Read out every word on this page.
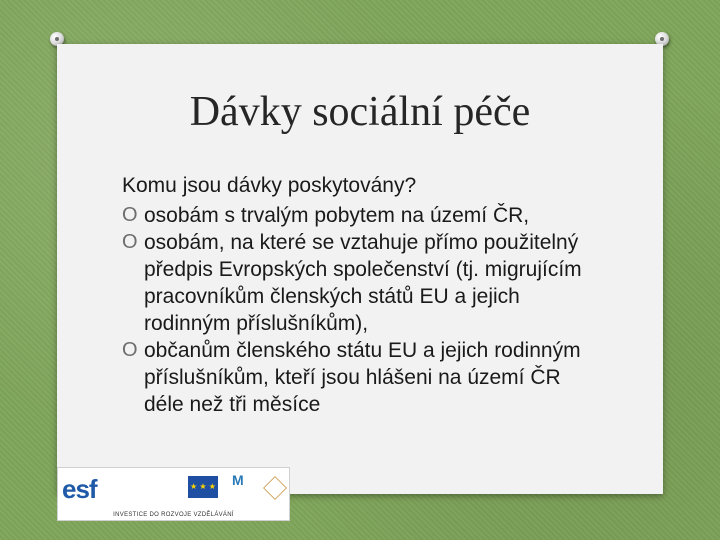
Dávky sociální péče

Komu jsou dávky poskytovány?

O osobám s trvalým pobytem na území ČR,
O osobám, na které se vztahuje přímo použitelný předpis Evropských společenství (tj. migrujícím pracovníkům členských států EU a jejich rodinným příslušníkům),
O občanům členského státu EU a jejich rodinným příslušníkům, kteří jsou hlášeni na území ČR déle než tři měsíce
esf	★ ★ ★ M
INVESTICE DO ROZVOJE VZDĚLÁVÁNÍ
